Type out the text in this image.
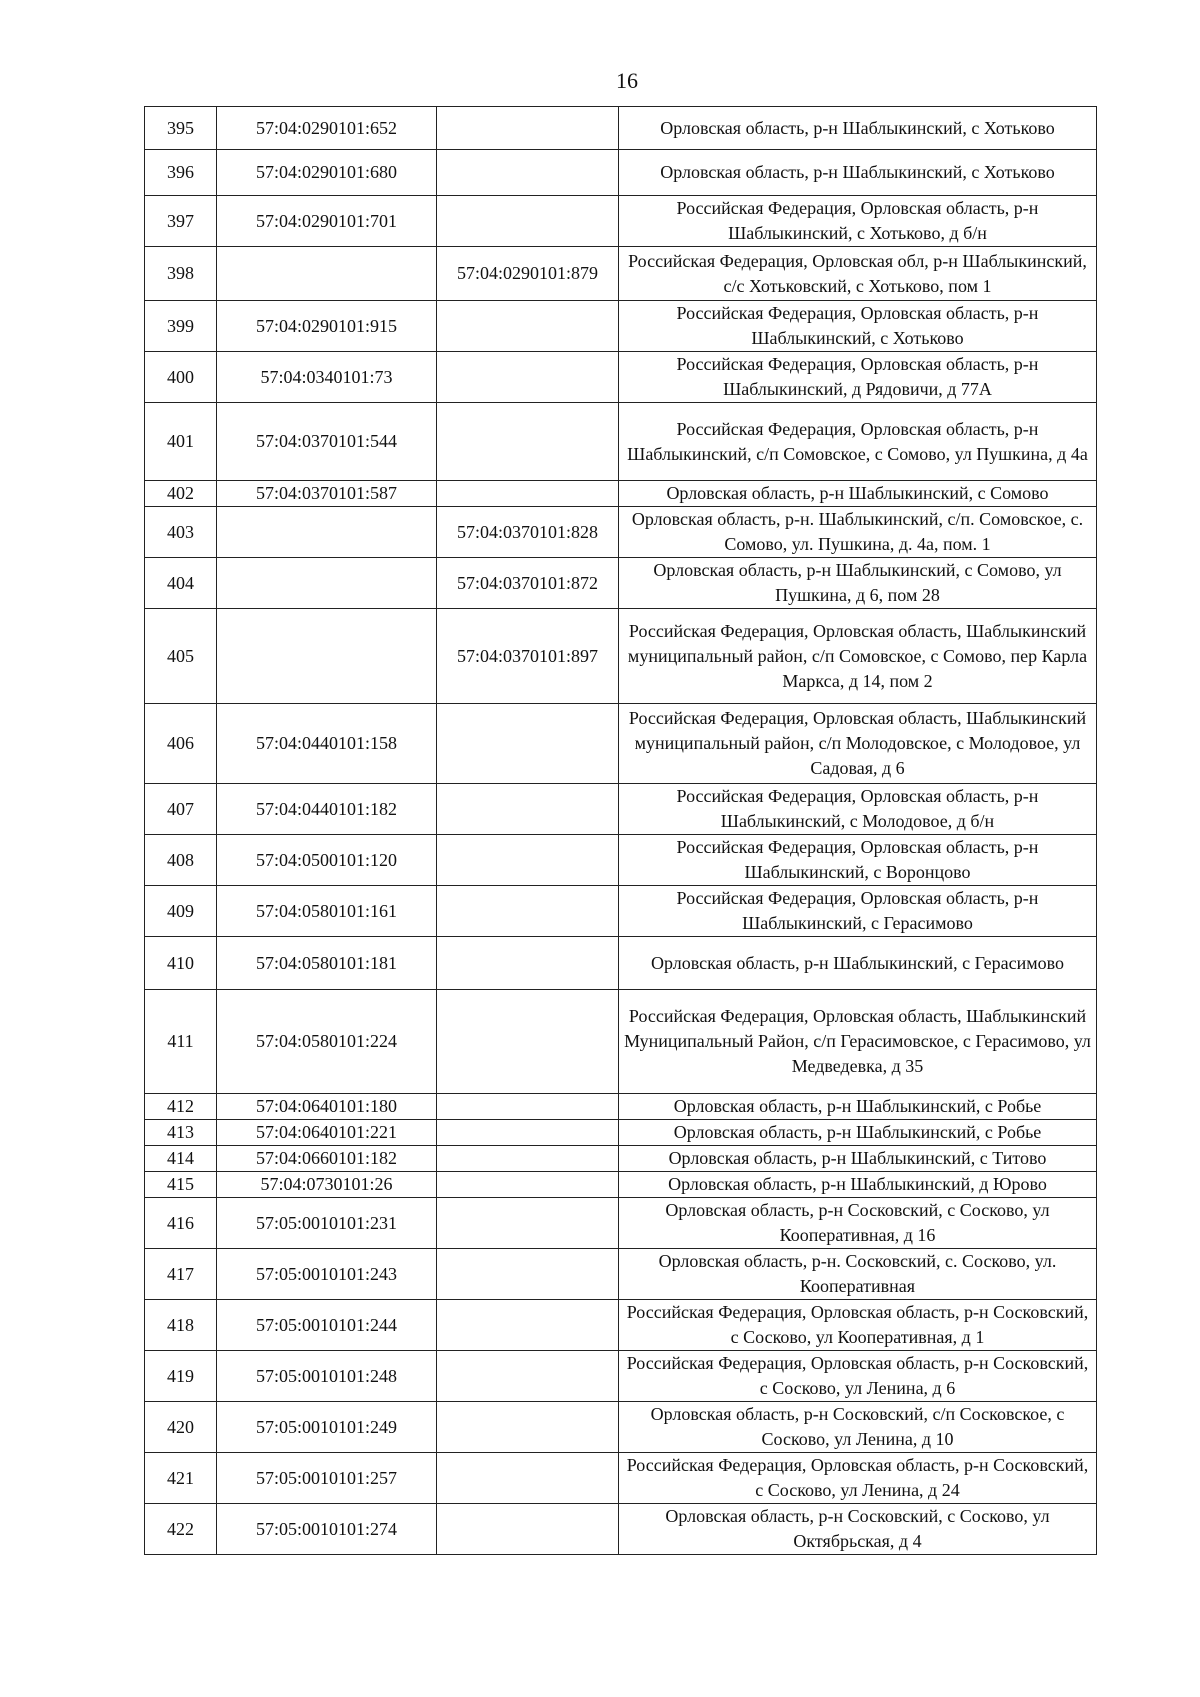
16
395	57:04:0290101:652		Орловская область, р-н Шаблыкинский, с Хотьково
396	57:04:0290101:680		Орловская область, р-н Шаблыкинский, с Хотьково
397	57:04:0290101:701		Российская Федерация, Орловская область, р-н Шаблыкинский, с Хотьково, д б/н
398		57:04:0290101:879	Российская Федерация, Орловская обл, р-н Шаблыкинский, с/с Хотьковский, с Хотьково, пом 1
399	57:04:0290101:915		Российская Федерация, Орловская область, р-н Шаблыкинский, с Хотьково
400	57:04:0340101:73		Российская Федерация, Орловская область, р-н Шаблыкинский, д Рядовичи, д 77А
401	57:04:0370101:544		Российская Федерация, Орловская область, р-н Шаблыкинский, с/п Сомовское, с Сомово, ул Пушкина, д 4а
402	57:04:0370101:587		Орловская область, р-н Шаблыкинский, с Сомово
403		57:04:0370101:828	Орловская область, р-н. Шаблыкинский, с/п. Сомовское, с. Сомово, ул. Пушкина, д. 4а, пом. 1
404		57:04:0370101:872	Орловская область, р-н Шаблыкинский, с Сомово, ул Пушкина, д 6, пом 28
405		57:04:0370101:897	Российская Федерация, Орловская область, Шаблыкинский муниципальный район, с/п Сомовское, с Сомово, пер Карла Маркса, д 14, пом 2
406	57:04:0440101:158		Российская Федерация, Орловская область, Шаблыкинский муниципальный район, с/п Молодовское, с Молодовое, ул Садовая, д 6
407	57:04:0440101:182		Российская Федерация, Орловская область, р-н Шаблыкинский, с Молодовое, д б/н
408	57:04:0500101:120		Российская Федерация, Орловская область, р-н Шаблыкинский, с Воронцово
409	57:04:0580101:161		Российская Федерация, Орловская область, р-н Шаблыкинский, с Герасимово
410	57:04:0580101:181		Орловская область, р-н Шаблыкинский, с Герасимово
411	57:04:0580101:224		Российская Федерация, Орловская область, Шаблыкинский Муниципальный Район, с/п Герасимовское, с Герасимово, ул Медведевка, д 35
412	57:04:0640101:180		Орловская область, р-н Шаблыкинский, с Робье
413	57:04:0640101:221		Орловская область, р-н Шаблыкинский, с Робье
414	57:04:0660101:182		Орловская область, р-н Шаблыкинский, с Титово
415	57:04:0730101:26		Орловская область, р-н Шаблыкинский, д Юрово
416	57:05:0010101:231		Орловская область, р-н Сосковский, с Сосково, ул Кооперативная, д 16
417	57:05:0010101:243		Орловская область, р-н. Сосковский, с. Сосково, ул. Кооперативная
418	57:05:0010101:244		Российская Федерация, Орловская область, р-н Сосковский, с Сосково, ул Кооперативная, д 1
419	57:05:0010101:248		Российская Федерация, Орловская область, р-н Сосковский, с Сосково, ул Ленина, д 6
420	57:05:0010101:249		Орловская область, р-н Сосковский, с/п Сосковское, с Сосково, ул Ленина, д 10
421	57:05:0010101:257		Российская Федерация, Орловская область, р-н Сосковский, с Сосково, ул Ленина, д 24
422	57:05:0010101:274		Орловская область, р-н Сосковский, с Сосково, ул Октябрьская, д 4
